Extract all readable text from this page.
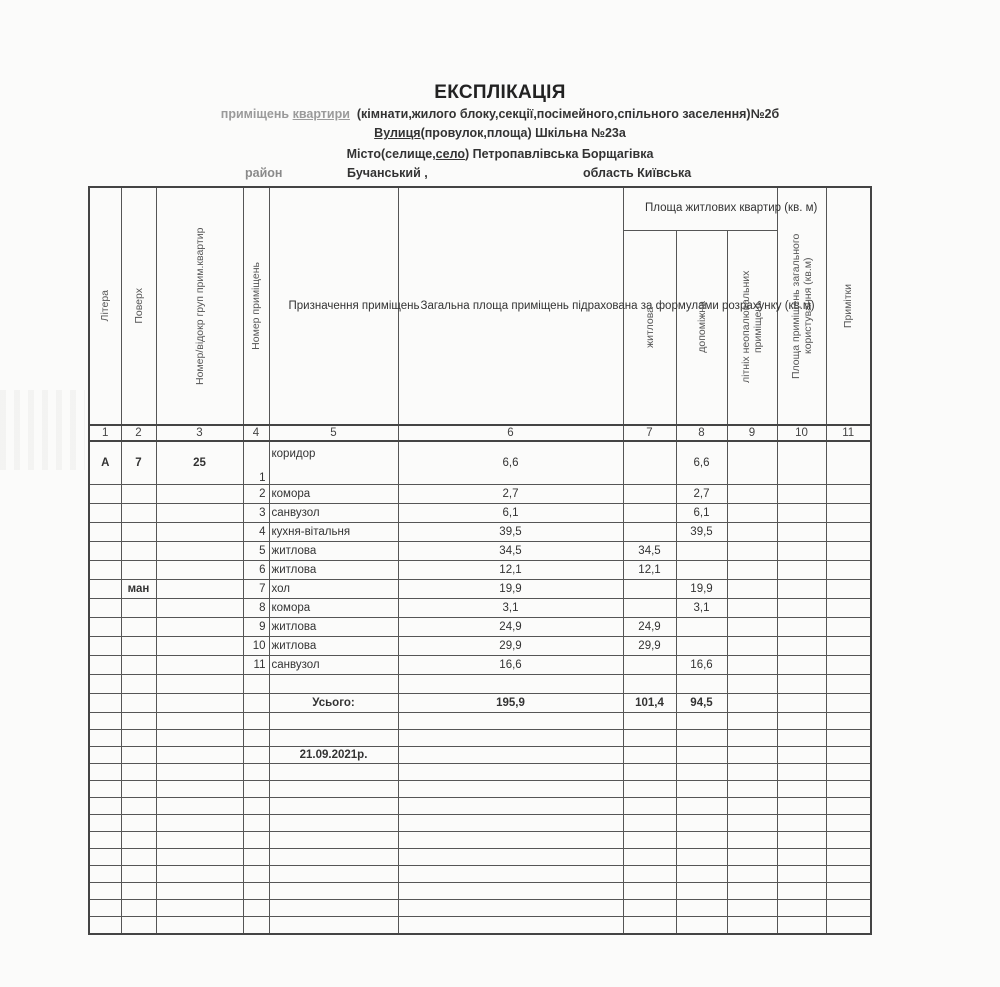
ЕКСПЛІКАЦІЯ
приміщень квартири (кімнати,жилого блоку,секції,посімейного,спільного заселення)№2б
Вулиця(провулок,площа) Шкільна №23а
Місто(селище,село) Петропавлівська Борщагівка
район	Бучанський ,	область Київська
Літера	Поверх	Номер/відокр груп прим.квартир	Номер приміщень	Призначення приміщень	Загальна площа приміщень підрахована за формулами розрахунку (кв.м)	Площа житлових квартир (кв. м)			Площа приміщень загального користування (кв.м)	Примітки

						житлова	допоміжна	літніх неопалювальних приміщень		

1	2	3	4	5	6	7	8	9	10	11
А	7	25	1	коридор	6,6		6,6			
			2	комора	2,7		2,7			
			3	санвузол	6,1		6,1			
			4	кухня-вітальня	39,5		39,5			
			5	житлова	34,5	34,5				
			6	житлова	12,1	12,1				
	ман		7	хол	19,9		19,9			
			8	комора	3,1		3,1			
			9	житлова	24,9	24,9				
			10	житлова	29,9	29,9				
			11	санвузол	16,6		16,6			

				Усього:	195,9	101,4	94,5			

				21.09.2021р.						
